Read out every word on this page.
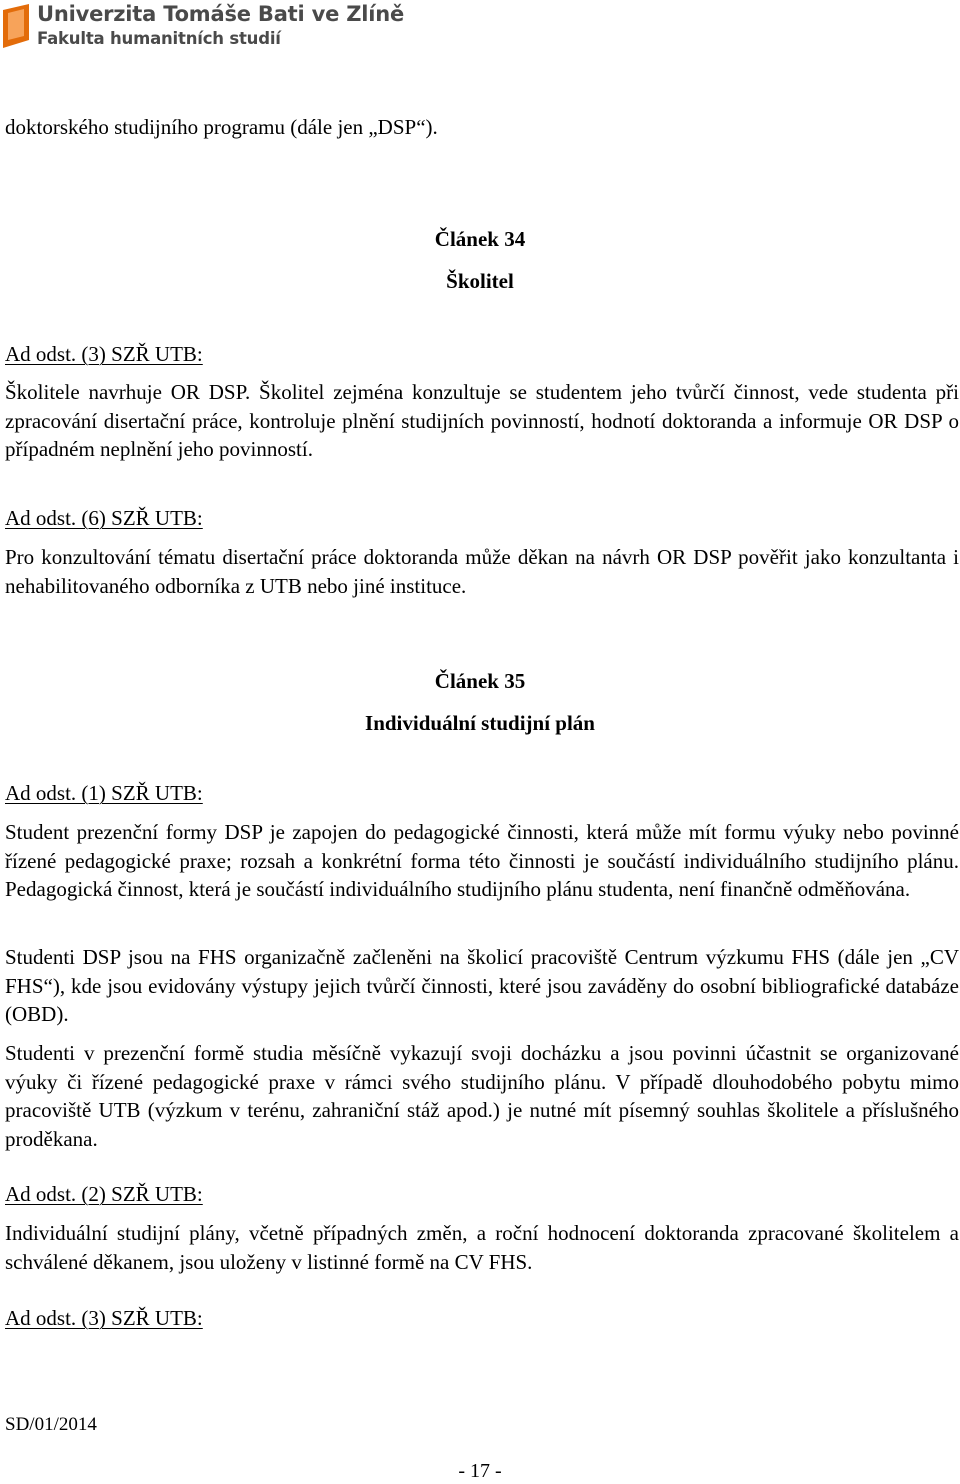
Univerzita Tomáše Bati ve Zlíně
Fakulta humanitních studií
doktorského studijního programu (dále jen „DSP“).
Článek 34
Školitel
Ad odst. (3) SZŘ UTB:
Školitele navrhuje OR DSP. Školitel zejména konzultuje se studentem jeho tvůrčí činnost, vede studenta při zpracování disertační práce, kontroluje plnění studijních povinností, hodnotí doktoranda a informuje OR DSP o případném neplnění jeho povinností.
Ad odst. (6) SZŘ UTB:
Pro konzultování tématu disertační práce doktoranda může děkan na návrh OR DSP pověřit jako konzultanta i nehabilitovaného odborníka z UTB nebo jiné instituce.
Článek 35
Individuální studijní plán
Ad odst. (1) SZŘ UTB:
Student prezenční formy DSP je zapojen do pedagogické činnosti, která může mít formu výuky nebo povinné řízené pedagogické praxe; rozsah a konkrétní forma této činnosti je součástí individuálního studijního plánu. Pedagogická činnost, která je součástí individuálního studijního plánu studenta, není finančně odměňována.
Studenti DSP jsou na FHS organizačně začleněni na školicí pracoviště Centrum výzkumu FHS (dále jen „CV FHS“), kde jsou evidovány výstupy jejich tvůrčí činnosti, které jsou zaváděny do osobní bibliografické databáze (OBD).
Studenti v prezenční formě studia měsíčně vykazují svoji docházku a jsou povinni účastnit se organizované výuky či řízené pedagogické praxe v rámci svého studijního plánu. V případě dlouhodobého pobytu mimo pracoviště UTB (výzkum v terénu, zahraniční stáž apod.) je nutné mít písemný souhlas školitele a příslušného proděkana.
Ad odst. (2) SZŘ UTB:
Individuální studijní plány, včetně případných změn, a roční hodnocení doktoranda zpracované školitelem a schválené děkanem, jsou uloženy v listinné formě na CV FHS.
Ad odst. (3) SZŘ UTB:
SD/01/2014
- 17 -
